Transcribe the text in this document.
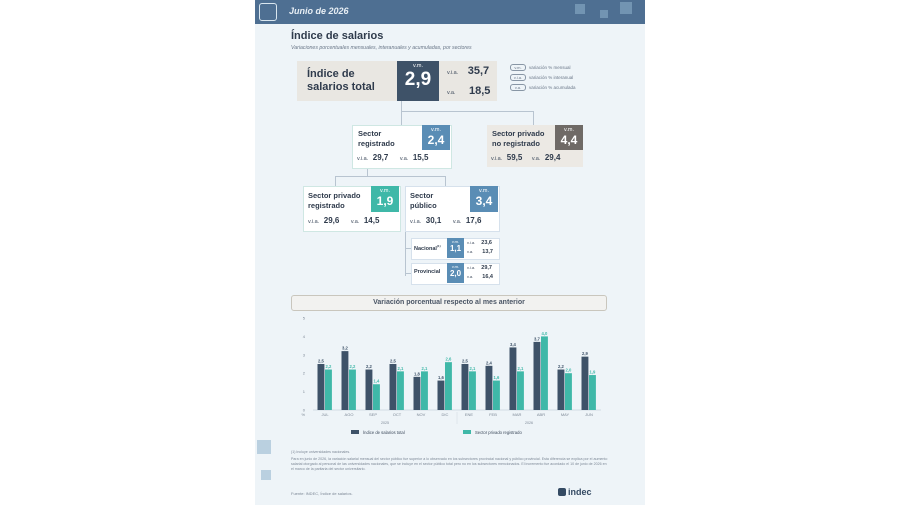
Junio de 2026
Índice de salarios
Variaciones porcentuales mensuales, interanuales y acumuladas, por sectores
Índice de
salarios total
v.m.
2,9	v.i.a. 35,7
v.a. 18,5
v.m. variación % mensual
v.i.a. variación % interanual
v.a. variación % acumulada
Sector
registrado
v.m.
2,4
v.i.a. 29,7 v.a. 15,5
Sector privado
no registrado
v.m.
4,4
v.i.a. 59,5 v.a. 29,4
Sector privado
registrado
v.m.
1,9
v.i.a. 29,6 v.a. 14,5
Sector
público
v.m.
3,4
v.i.a. 30,1 v.a. 17,6
Nacional$^{(1)}$
v.m.
1,1
v.i.a. 23,6
v.a. 13,7
Provincial
v.m.
2,0
v.i.a. 29,7
v.a. 16,4
Variación porcentual respecto al mes anterior
0
1
2
3
4
5
%
2,5
2,2
JUL
3,2
2,2
AGO
2,2
1,4
SEP
2,5
2,1
OCT
1,8
2,1
NOV
1,6
2,6
DIC
2,5
2,1
ENE
2,4
1,6
FEB
3,4
2,1
MAR
3,7
4,0
ABR
2,2
2,0
MAY
2,9
1,9
JUN
2025	2026
Índice de salarios total	Sector privado registrado
(1) Incluye universidades nacionales.
Para en junio de 2026, la variación salarial mensual del sector público fue superior a lo observado en los subsectores provincial nacional y público provincial. Esta diferencia se explica por el aumento salarial otorgado al personal de las universidades nacionales, que se incluye en el sector público total pero no en los subsectores mencionados. El incremento fue acordado el 10 de junio de 2026 en el marco de la paritaria del sector universitario.
Fuente: INDEC, Índice de salarios.	indec
